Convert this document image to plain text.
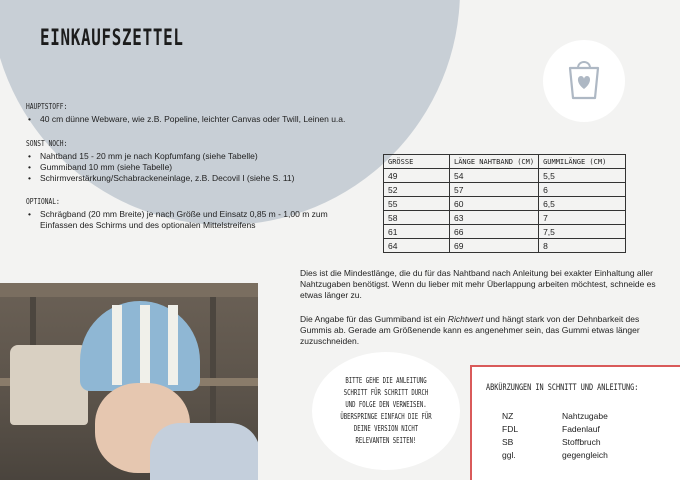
EINKAUFSZETTEL
HAUPTSTOFF:
• 40 cm dünne Webware, wie z.B. Popeline, leichter Canvas oder Twill, Leinen u.a.
SONST NOCH:
• Nahtband 15 - 20 mm je nach Kopfumfang (siehe Tabelle)
• Gummiband 10 mm (siehe Tabelle)
• Schirmverstärkung/Schabrackeneinlage, z.B. Decovil I (siehe S. 11)
OPTIONAL:
• Schrägband (20 mm Breite) je nach Größe und Einsatz 0,85 m - 1,00 m zum Einfassen des Schirms und des optionalen Mittelstreifens
GRÖSSE	LÄNGE NAHTBAND (CM)	GUMMILÄNGE (CM)
49	54	5,5
52	57	6
55	60	6,5
58	63	7
61	66	7,5
64	69	8

Dies ist die Mindestlänge, die du für das Nahtband nach Anleitung bei exakter Einhaltung aller Nahtzugaben benötigst. Wenn du lieber mit mehr Überlappung arbeiten möchtest, schneide es etwas länger zu.

Die Angabe für das Gummiband ist ein Richtwert und hängt stark von der Dehnbarkeit des Gummis ab. Gerade am Größenende kann es angenehmer sein, das Gummi etwas länger zuzuschneiden.

BITTE GEHE DIE ANLEITUNG
SCHRITT FÜR SCHRITT DURCH
UND FOLGE DEN VERWEISEN.
ÜBERSPRINGE EINFACH DIE FÜR
DEINE VERSION NICHT
RELEVANTEN SEITEN!
ABKÜRZUNGEN IN SCHNITT UND ANLEITUNG:
NZ	Nahtzugabe
FDL	Fadenlauf
SB	Stoffbruch
ggl.	gegengleich
